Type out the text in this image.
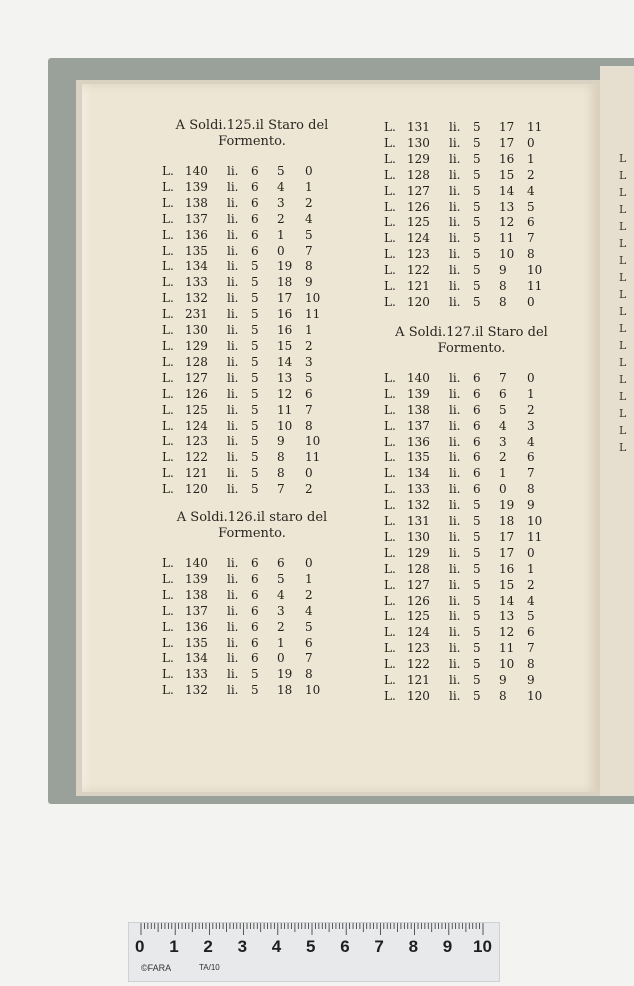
A Soldi.125.il Staro del
Formento.
L. 140	li.	6	5	0
L. 139	li.	6	4	1
L. 138	li.	6	3	2
L. 137	li.	6	2	4
L. 136	li.	6	1	5
L. 135	li.	6	0	7
L. 134	li.	5	19	8
L. 133	li.	5	18	9
L. 132	li.	5	17	10
L. 231	li.	5	16	11
L. 130	li.	5	16	1
L. 129	li.	5	15	2
L. 128	li.	5	14	3
L. 127	li.	5	13	5
L. 126	li.	5	12	6
L. 125	li.	5	11	7
L. 124	li.	5	10	8
L. 123	li.	5	9	10
L. 122	li.	5	8	11
L. 121	li.	5	8	0
L. 120	li.	5	7	2
A Soldi.126.il staro del
Formento.
L. 140	li.	6	6	0
L. 139	li.	6	5	1
L. 138	li.	6	4	2
L. 137	li.	6	3	4
L. 136	li.	6	2	5
L. 135	li.	6	1	6
L. 134	li.	6	0	7
L. 133	li.	5	19	8
L. 132	li.	5	18	10
L. 131	li.	5	17	11
L. 130	li.	5	17	0
L. 129	li.	5	16	1
L. 128	li.	5	15	2
L. 127	li.	5	14	4
L. 126	li.	5	13	5
L. 125	li.	5	12	6
L. 124	li.	5	11	7
L. 123	li.	5	10	8
L. 122	li.	5	9	10
L. 121	li.	5	8	11
L. 120	li.	5	8	0
A Soldi.127.il Staro del
Formento.
L. 140	li.	6	7	0
L. 139	li.	6	6	1
L. 138	li.	6	5	2
L. 137	li.	6	4	3
L. 136	li.	6	3	4
L. 135	li.	6	2	6
L. 134	li.	6	1	7
L. 133	li.	6	0	8
L. 132	li.	5	19	9
L. 131	li.	5	18	10
L. 130	li.	5	17	11
L. 129	li.	5	17	0
L. 128	li.	5	16	1
L. 127	li.	5	15	2
L. 126	li.	5	14	4
L. 125	li.	5	13	5
L. 124	li.	5	12	6
L. 123	li.	5	11	7
L. 122	li.	5	10	8
L. 121	li.	5	9	9
L. 120	li.	5	8	10
L
L
L
L
L
L
L
L
L
L
L
L
L
L
L
L
L
L
0 1 2 3 4 5 6 7 8 9 10
©FARA	TA/10
